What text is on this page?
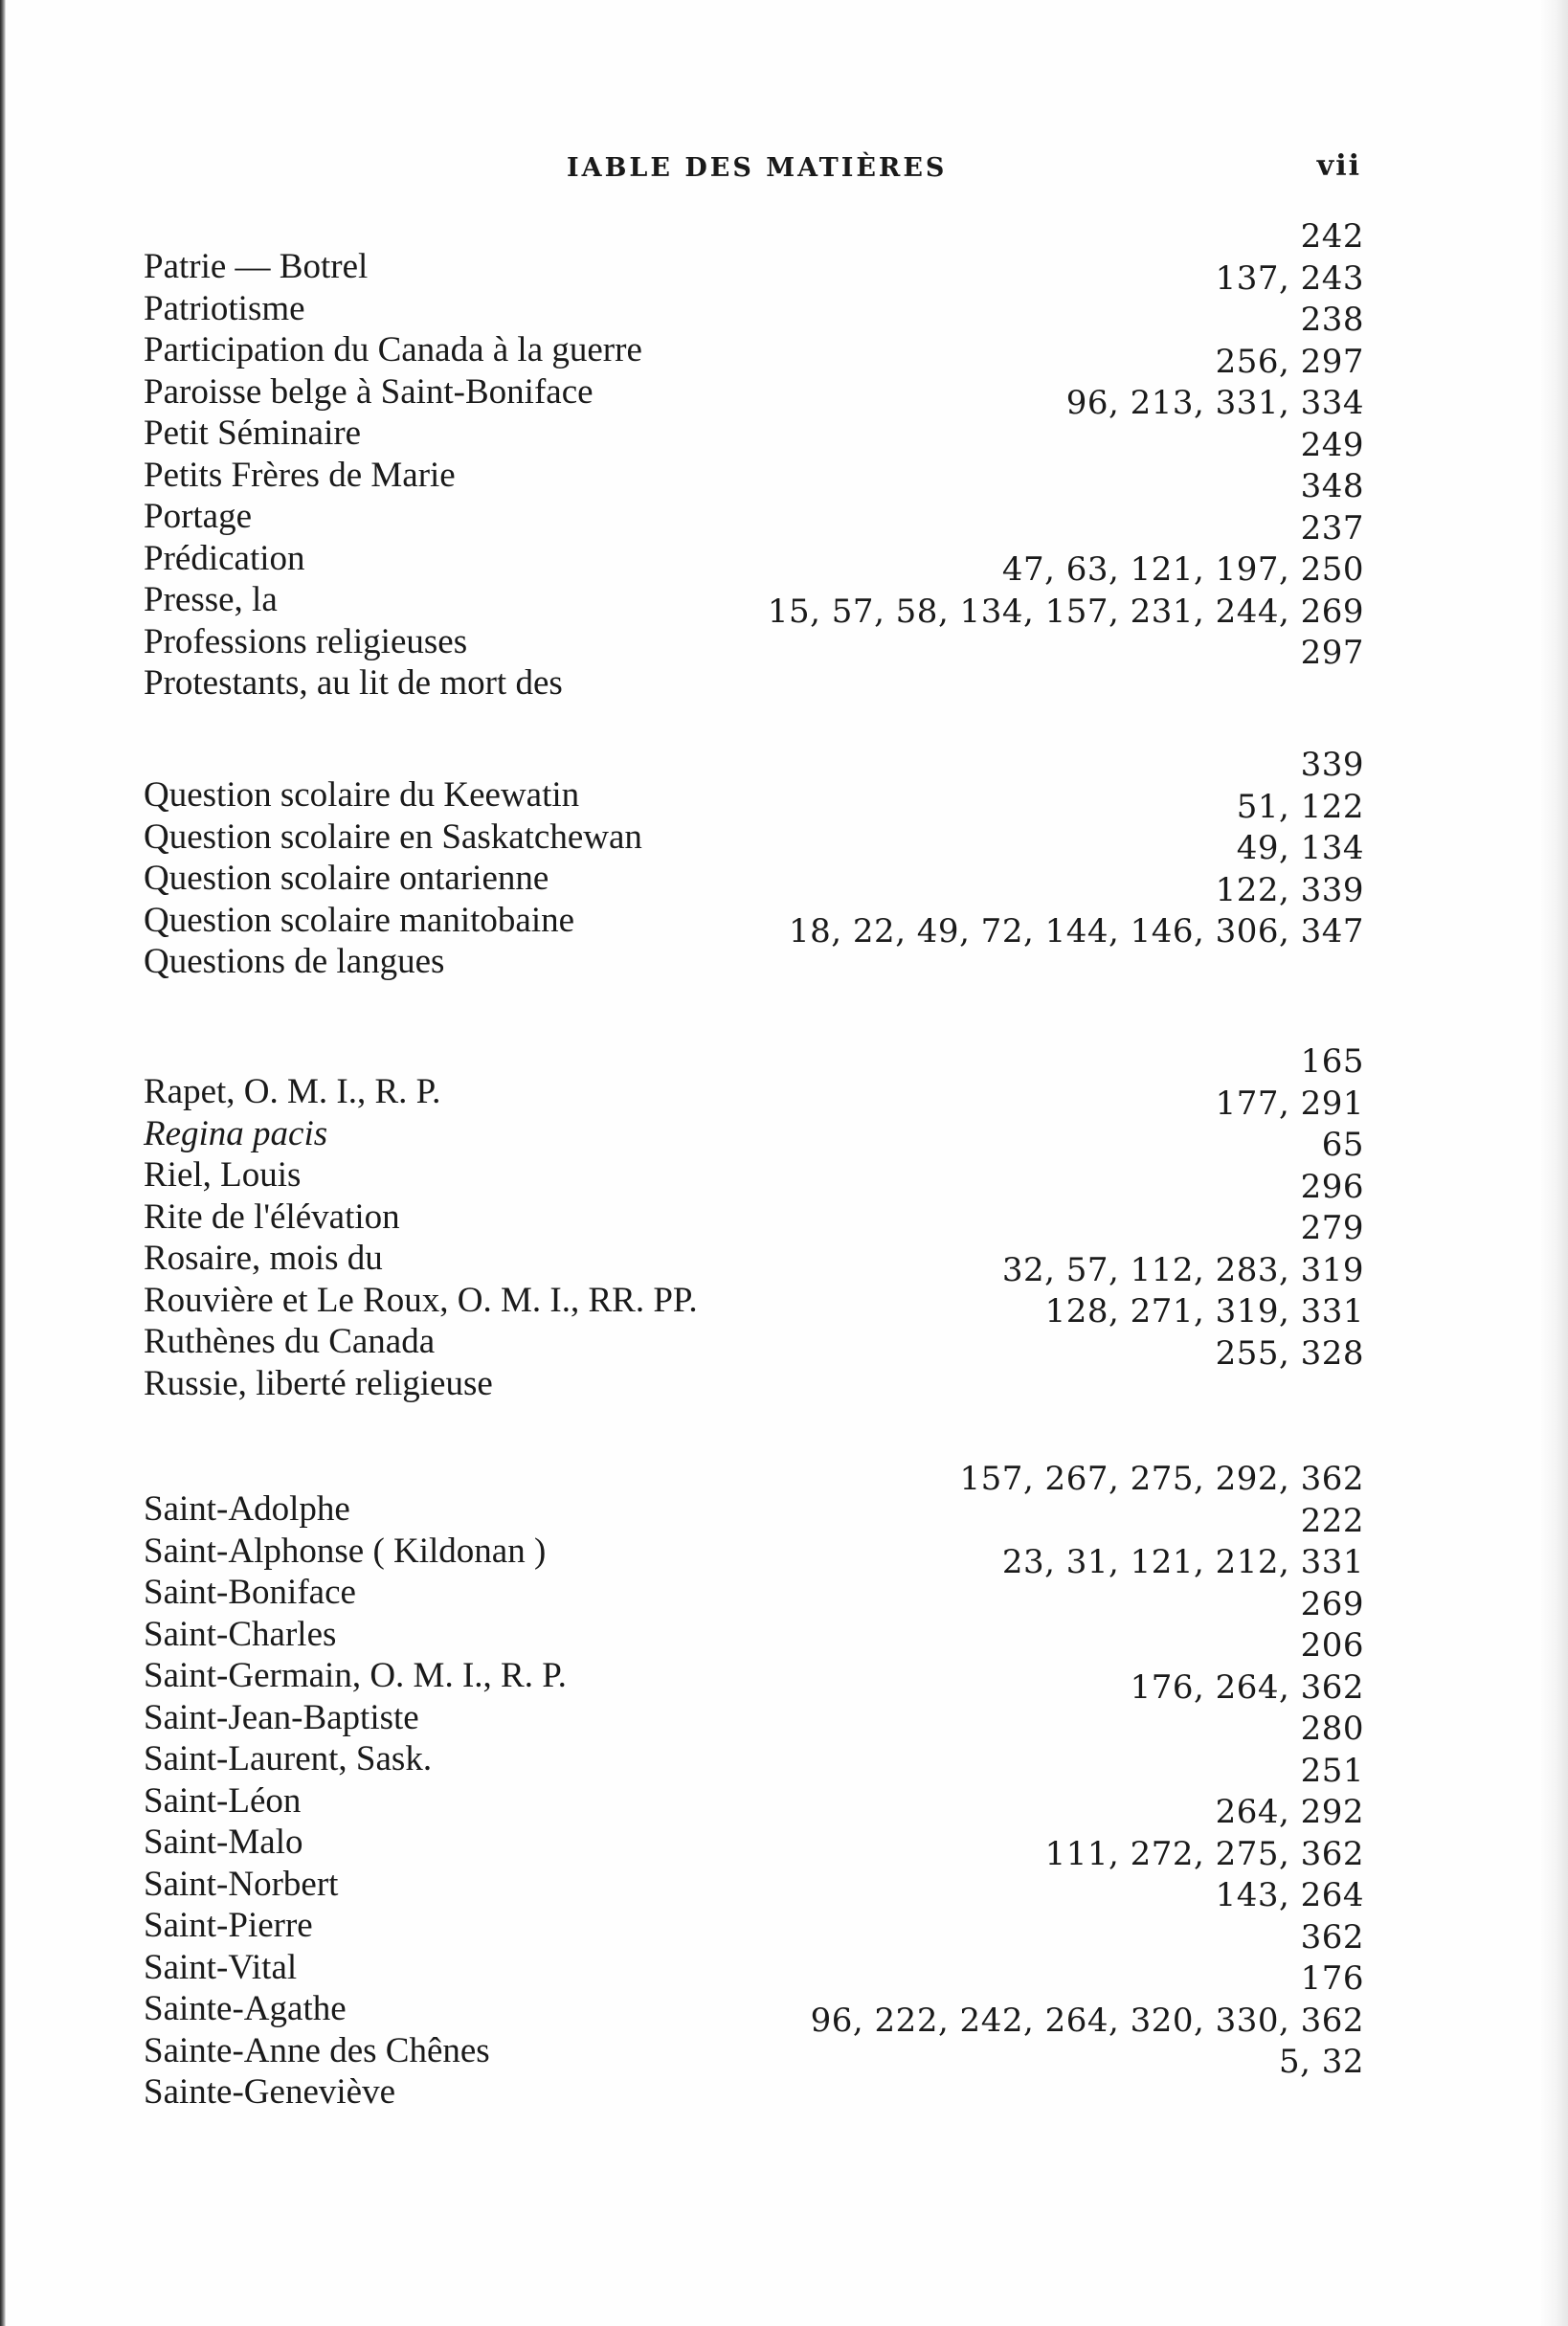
IABLE DES MATIÈRES	vii
Patrie — Botrel
242
Patriotisme
137, 243
Participation du Canada à la guerre
238
Paroisse belge à Saint-Boniface
256, 297
Petit Séminaire
96, 213, 331, 334
Petits Frères de Marie
249
Portage
348
Prédication
237
Presse, la
47, 63, 121, 197, 250
Professions religieuses
15, 57, 58, 134, 157, 231, 244, 269
Protestants, au lit de mort des
297
Question scolaire du Keewatin
339
Question scolaire en Saskatchewan
51, 122
Question scolaire ontarienne
49, 134
Question scolaire manitobaine
122, 339
Questions de langues
18, 22, 49, 72, 144, 146, 306, 347
Rapet, O. M. I., R. P.
165
Regina pacis
177, 291
Riel, Louis
65
Rite de l'élévation
296
Rosaire, mois du
279
Rouvière et Le Roux, O. M. I., RR. PP.
32, 57, 112, 283, 319
Ruthènes du Canada
128, 271, 319, 331
Russie, liberté religieuse
255, 328
Saint-Adolphe
157, 267, 275, 292, 362
Saint-Alphonse ( Kildonan )
222
Saint-Boniface
23, 31, 121, 212, 331
Saint-Charles
269
Saint-Germain, O. M. I., R. P.
206
Saint-Jean-Baptiste
176, 264, 362
Saint-Laurent, Sask.
280
Saint-Léon
251
Saint-Malo
264, 292
Saint-Norbert
111, 272, 275, 362
Saint-Pierre
143, 264
Saint-Vital
362
Sainte-Agathe
176
Sainte-Anne des Chênes
96, 222, 242, 264, 320, 330, 362
Sainte-Geneviève
5, 32
